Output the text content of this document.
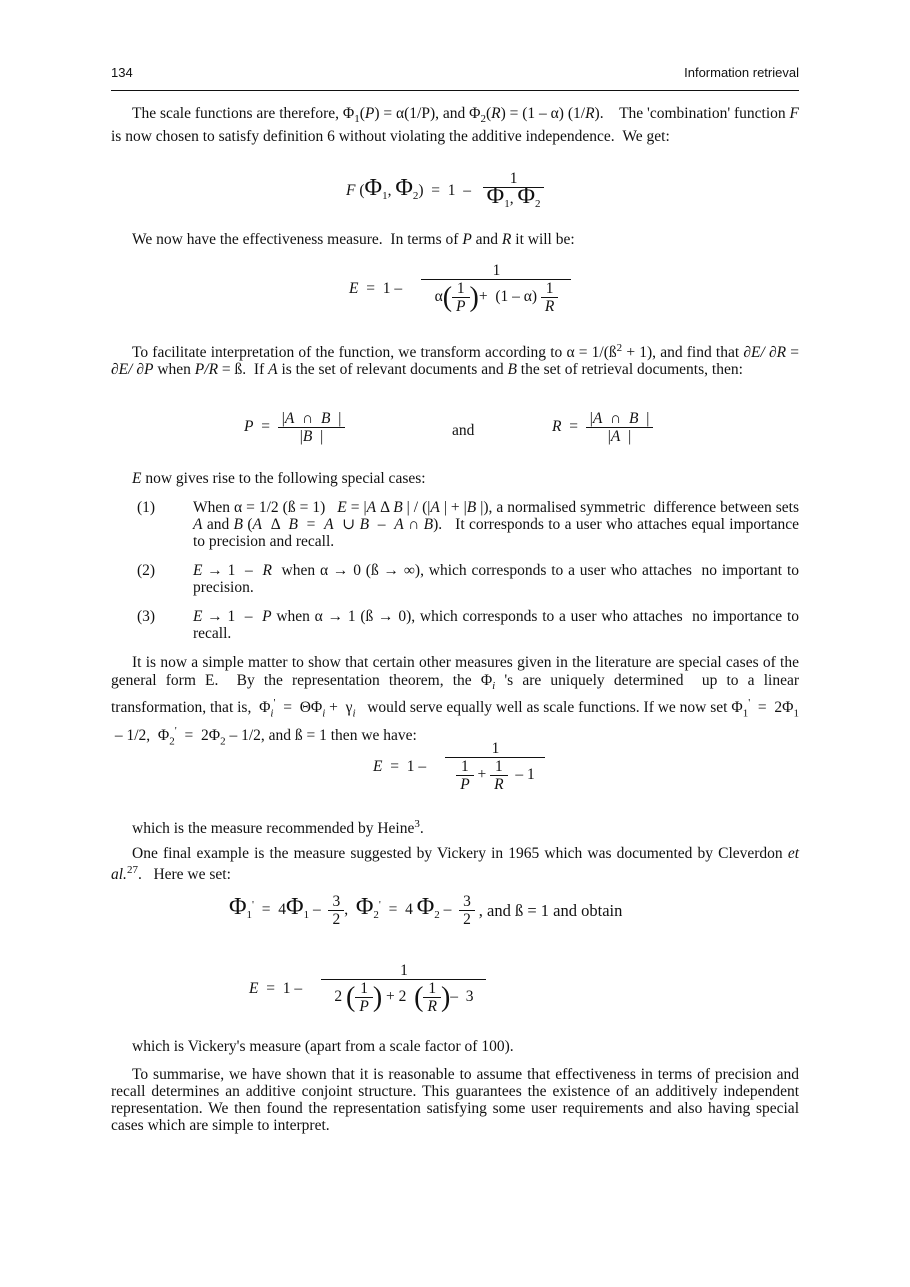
134	Information retrieval
The scale functions are therefore, $\Phi_1(P) = \alpha(1/P)$, and $\Phi_2(R) = (1 - \alpha)$ (1/R).    The 'combination' function F is now chosen to satisfy definition 6 without violating the additive independence.  We get:
F ($\Phi_1$, $\Phi_2) = 1 - \frac{1}{\Phi_1, \Phi_2}$
We now have the effectiveness measure.  In terms of P and R it will be:
$E = 1 - \frac{1}{\alpha( \frac{1}{P} )+ (1 - \alpha) \frac{1}{R}}$
To facilitate interpretation of the function, we transform according to $\alpha = 1/(ß^2 + 1)$, and find that ∂E/ ∂R = ∂E/ ∂P when P/R = ß.  If A is the set of relevant documents and B the set of retrieval documents, then:
$P = \frac{|A \cap B |}{|B |}$	and	$R = \frac{|A \cap B |}{|A |}$
E now gives rise to the following special cases:
(1) When α = 1/2 (ß = 1)   E = |A Δ B | / (|A | + |B |), a normalised symmetric  difference between sets A and B (A  Δ  B  =  A  ∪ B  –  A ∩ B).   It corresponds to a user who attaches equal importance to precision and recall.
(2) E → 1  –  R  when α → 0 (ß → ∞), which corresponds to a user who attaches  no important to precision.
(3) E → 1  –  P when α → 1 (ß → 0), which corresponds to a user who attaches  no importance to recall.
It is now a simple matter to show that certain other measures given in the literature are special cases of the general form E.  By the representation theorem, the $\Phi_i$ 's are uniquely determined  up to a linear transformation, that is,  $\Phi_i' = \Theta\Phi_i + \gamma_i$   would serve equally well as scale functions. If we now set $\Phi_1' = 2\Phi_1 - 1/2$,  $\Phi_2' = 2\Phi_2 - 1/2$, and ß = 1 then we have:
$E = 1 - \frac{1}{\frac{1}{P} + \frac{1}{R} - 1}$
which is the measure recommended by Heine$^3$.
One final example is the measure suggested by Vickery in 1965 which was documented by Cleverdon et al.$^{27}$.   Here we set:
$\Phi_1' = 4\Phi_1 - \frac{3}{2}$ ,  $\Phi_2' = 4$ $\Phi_2 - \frac{3}{2}$ , and ß = 1 and obtain
$E = 1 - \frac{1}{2 ( \frac{1}{P} ) + 2 ( \frac{1}{R} )- 3}$
which is Vickery's measure (apart from a scale factor of 100).
To summarise, we have shown that it is reasonable to assume that effectiveness in terms of precision and recall determines an additive conjoint structure. This guarantees the existence of an additively independent representation. We then found the representation satisfying some user requirements and also having special cases which are simple to interpret.
